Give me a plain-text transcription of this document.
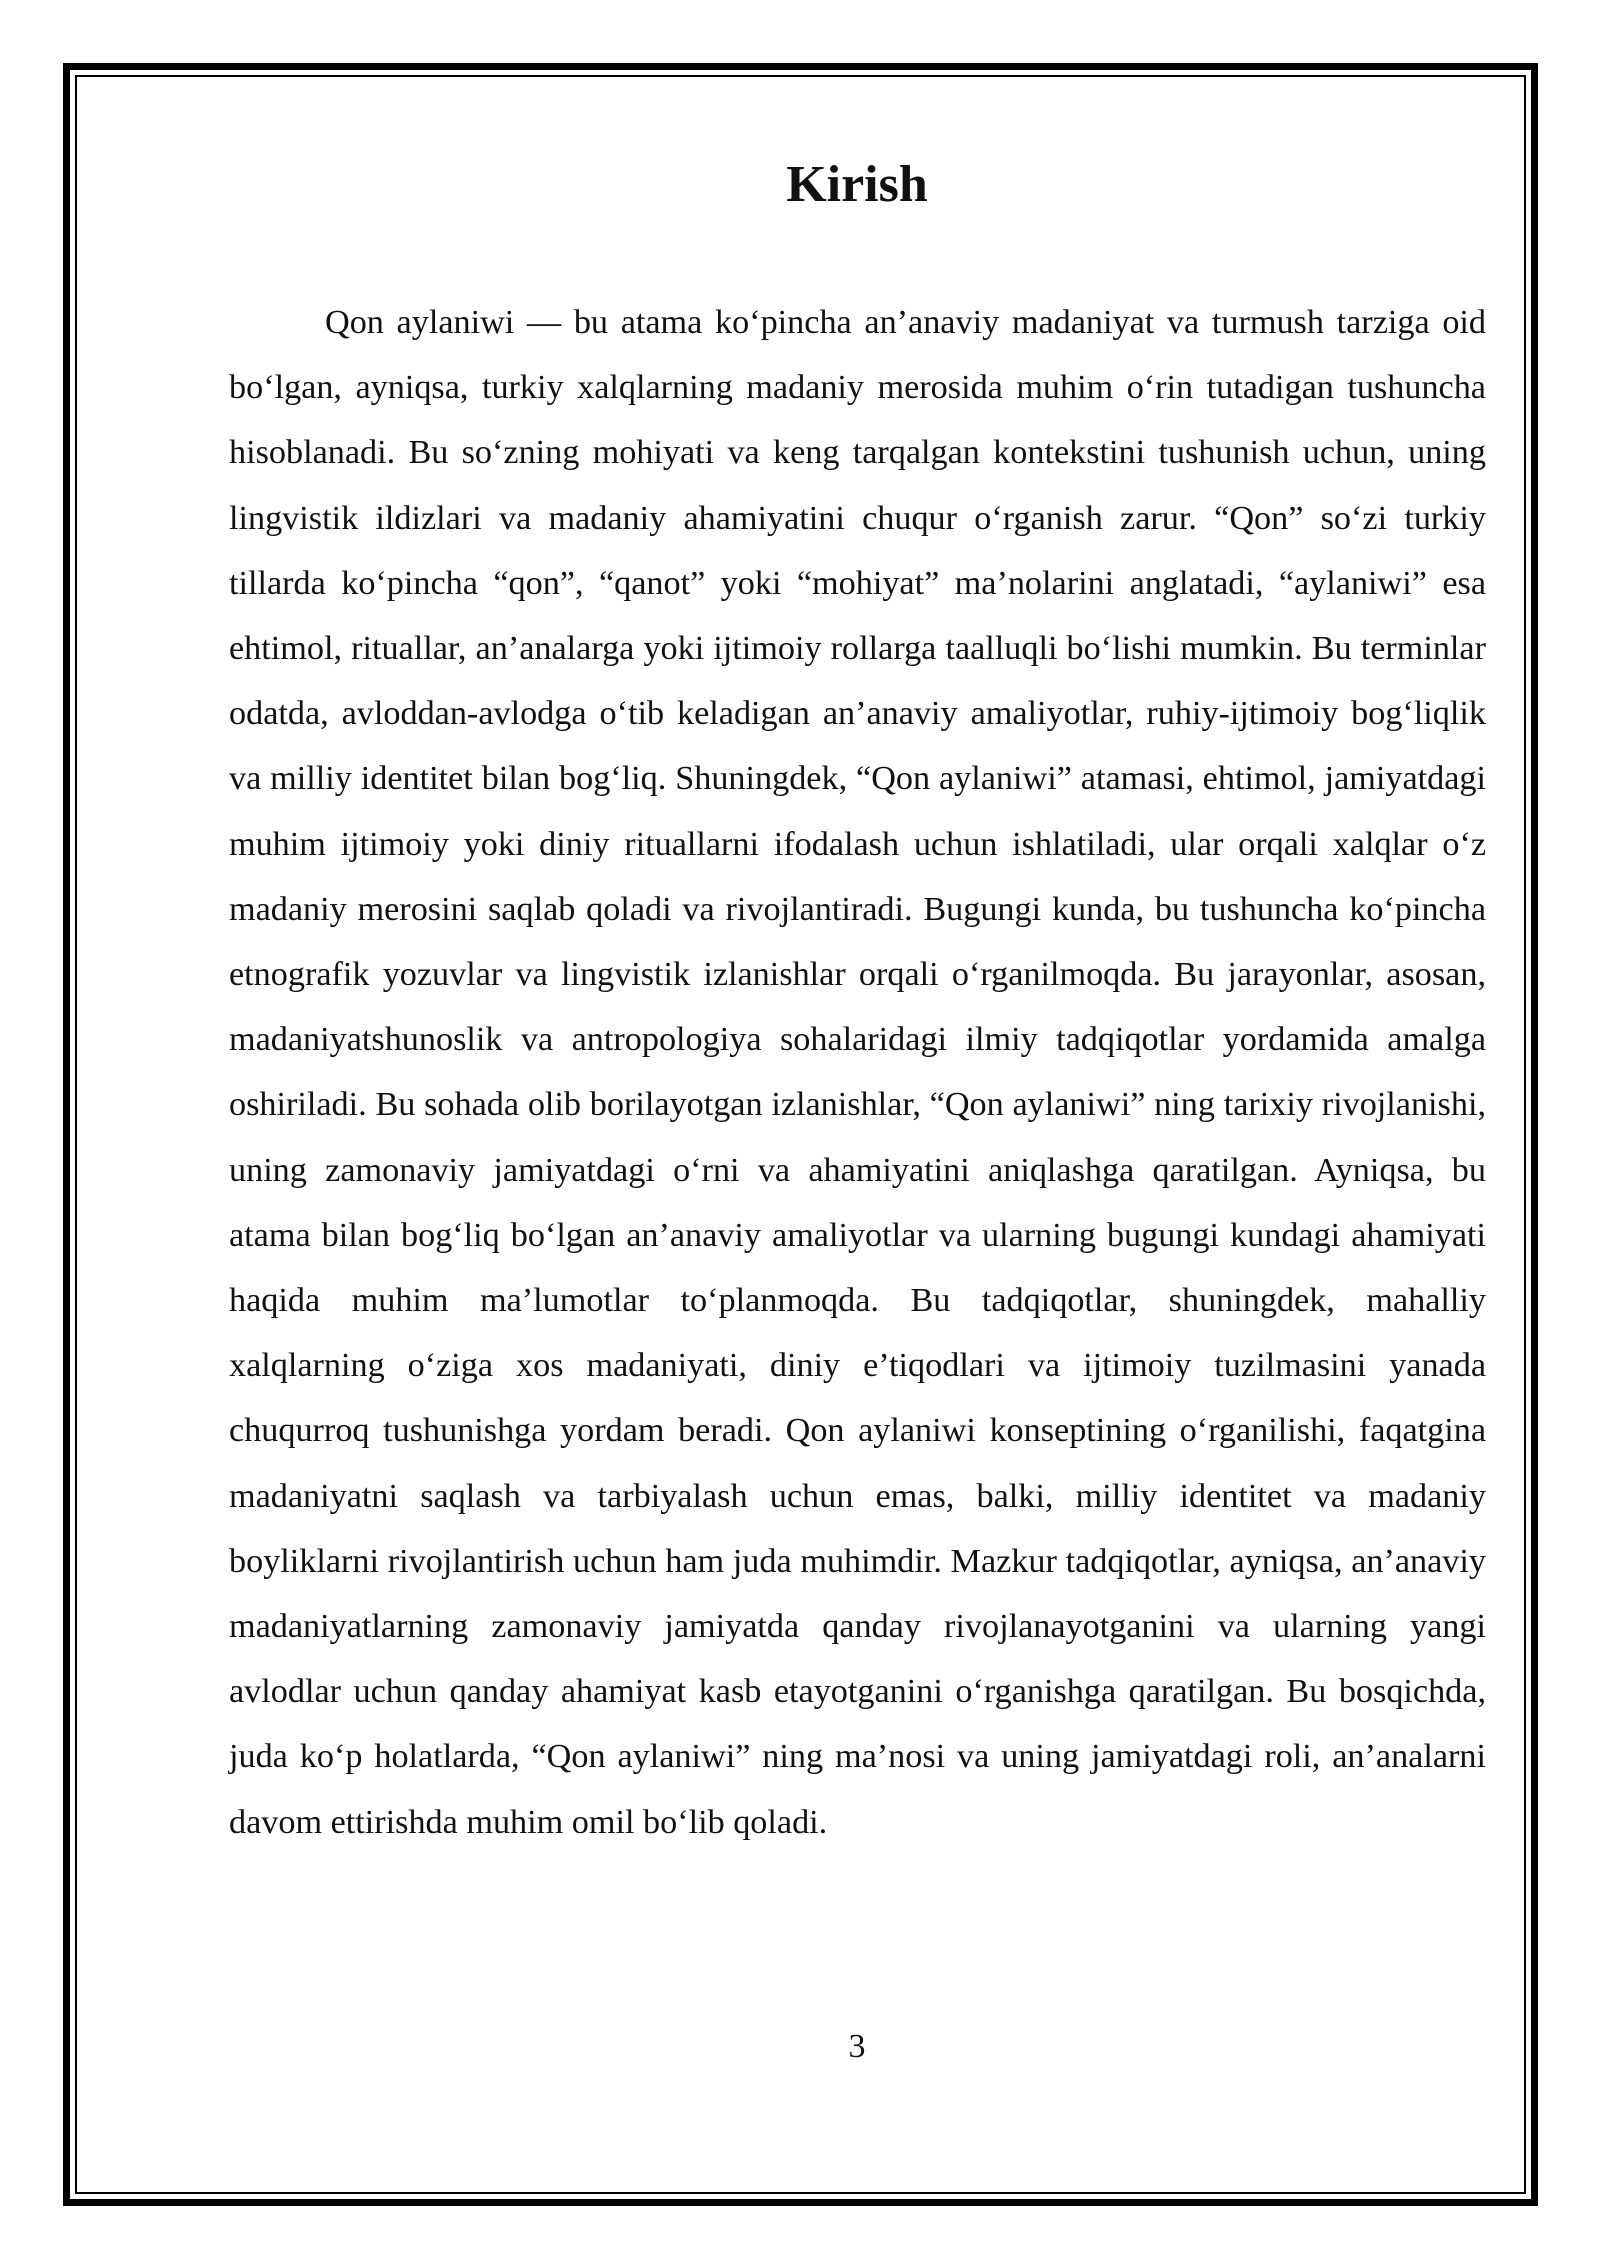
Kirish

Qon aylaniwi — bu atama koʻpincha an’anaviy madaniyat va turmush tarziga oid boʻlgan, ayniqsa, turkiy xalqlarning madaniy merosida muhim oʻrin tutadigan tushuncha hisoblanadi. Bu soʻzning mohiyati va keng tarqalgan kontekstini tushunish uchun, uning lingvistik ildizlari va madaniy ahamiyatini chuqur oʻrganish zarur. “Qon” soʻzi turkiy tillarda koʻpincha “qon”, “qanot” yoki “mohiyat” ma’nolarini anglatadi, “aylaniwi” esa ehtimol, rituallar, an’analarga yoki ijtimoiy rollarga taalluqli boʻlishi mumkin. Bu terminlar odatda, avloddan-avlodga oʻtib keladigan an’anaviy amaliyotlar, ruhiy-ijtimoiy bogʻliqlik va milliy identitet bilan bogʻliq. Shuningdek, “Qon aylaniwi” atamasi, ehtimol, jamiyatdagi muhim ijtimoiy yoki diniy rituallarni ifodalash uchun ishlatiladi, ular orqali xalqlar oʻz madaniy merosini saqlab qoladi va rivojlantiradi. Bugungi kunda, bu tushuncha koʻpincha etnografik yozuvlar va lingvistik izlanishlar orqali oʻrganilmoqda. Bu jarayonlar, asosan, madaniyatshunoslik va antropologiya sohalaridagi ilmiy tadqiqotlar yordamida amalga oshiriladi. Bu sohada olib borilayotgan izlanishlar, “Qon aylaniwi” ning tarixiy rivojlanishi, uning zamonaviy jamiyatdagi oʻrni va ahamiyatini aniqlashga qaratilgan. Ayniqsa, bu atama bilan bogʻliq boʻlgan an’anaviy amaliyotlar va ularning bugungi kundagi ahamiyati haqida muhim ma’lumotlar toʻplanmoqda. Bu tadqiqotlar, shuningdek, mahalliy xalqlarning oʻziga xos madaniyati, diniy e’tiqodlari va ijtimoiy tuzilmasini yanada chuqurroq tushunishga yordam beradi. Qon aylaniwi konseptining oʻrganilishi, faqatgina madaniyatni saqlash va tarbiyalash uchun emas, balki, milliy identitet va madaniy boyliklarni rivojlantirish uchun ham juda muhimdir. Mazkur tadqiqotlar, ayniqsa, an’anaviy madaniyatlarning zamonaviy jamiyatda qanday rivojlanayotganini va ularning yangi avlodlar uchun qanday ahamiyat kasb etayotganini oʻrganishga qaratilgan. Bu bosqichda, juda koʻp holatlarda, “Qon aylaniwi” ning ma’nosi va uning jamiyatdagi roli, an’analarni davom ettirishda muhim omil boʻlib qoladi.

3
